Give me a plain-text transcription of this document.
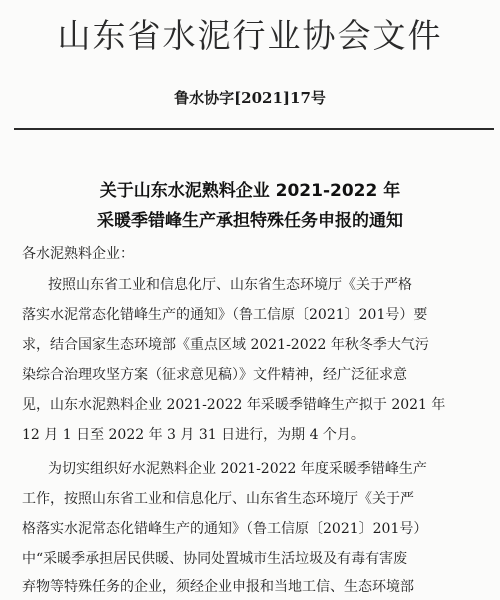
山东省水泥行业协会文件
鲁水协字[2021]17号
关于山东水泥熟料企业 2021-2022 年
采暖季错峰生产承担特殊任务申报的通知
各水泥熟料企业：
按照山东省工业和信息化厅、山东省生态环境厅《关于严格
落实水泥常态化错峰生产的通知》（鲁工信原〔2021〕201号）要
求，结合国家生态环境部《重点区域 2021-2022 年秋冬季大气污
染综合治理攻坚方案（征求意见稿）》文件精神，经广泛征求意
见，山东水泥熟料企业 2021-2022 年采暖季错峰生产拟于 2021 年
12 月 1 日至 2022 年 3 月 31 日进行，为期 4 个月。
为切实组织好水泥熟料企业 2021-2022 年度采暖季错峰生产
工作，按照山东省工业和信息化厅、山东省生态环境厅《关于严
格落实水泥常态化错峰生产的通知》（鲁工信原〔2021〕201号）
中“采暖季承担居民供暖、协同处置城市生活垃圾及有毒有害废
弃物等特殊任务的企业，须经企业申报和当地工信、生态环境部
